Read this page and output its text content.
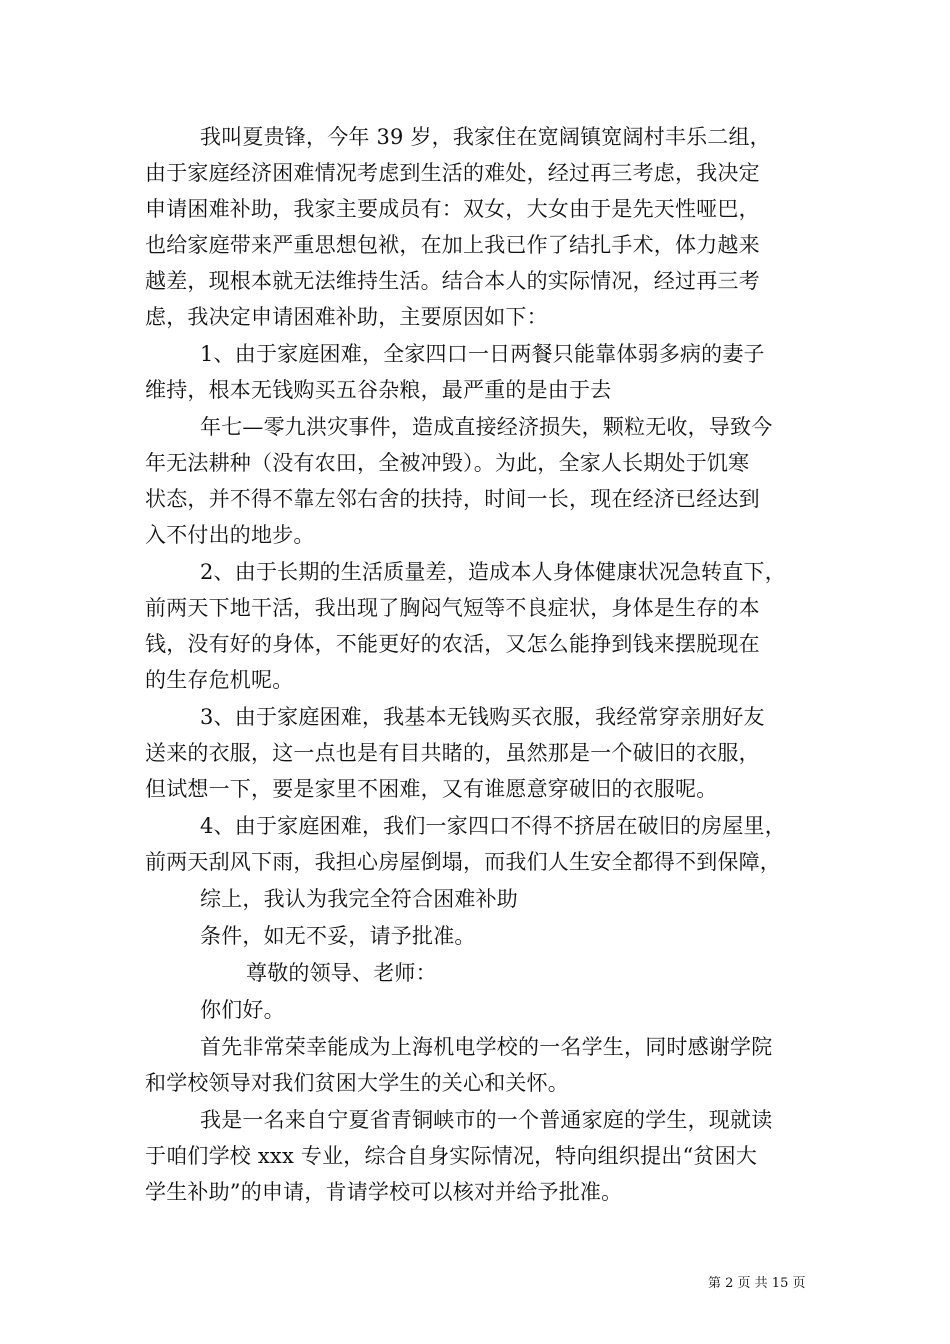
我叫夏贵锋，今年 39 岁，我家住在宽阔镇宽阔村丰乐二组，
由于家庭经济困难情况考虑到生活的难处，经过再三考虑，我决定
申请困难补助，我家主要成员有：双女，大女由于是先天性哑巴，
也给家庭带来严重思想包袱，在加上我已作了结扎手术，体力越来
越差，现根本就无法维持生活。结合本人的实际情况，经过再三考
虑，我决定申请困难补助，主要原因如下：
1、由于家庭困难，全家四口一日两餐只能靠体弱多病的妻子
维持，根本无钱购买五谷杂粮，最严重的是由于去
年七—零九洪灾事件，造成直接经济损失，颗粒无收，导致今
年无法耕种（没有农田，全被冲毁）。为此，全家人长期处于饥寒
状态，并不得不靠左邻右舍的扶持，时间一长，现在经济已经达到
入不付出的地步。
2、由于长期的生活质量差，造成本人身体健康状况急转直下，
前两天下地干活，我出现了胸闷气短等不良症状，身体是生存的本
钱，没有好的身体，不能更好的农活，又怎么能挣到钱来摆脱现在
的生存危机呢。
3、由于家庭困难，我基本无钱购买衣服，我经常穿亲朋好友
送来的衣服，这一点也是有目共睹的，虽然那是一个破旧的衣服，
但试想一下，要是家里不困难，又有谁愿意穿破旧的衣服呢。
4、由于家庭困难，我们一家四口不得不挤居在破旧的房屋里，
前两天刮风下雨，我担心房屋倒塌，而我们人生安全都得不到保障，
综上，我认为我完全符合困难补助
条件，如无不妥，请予批准。
尊敬的领导、老师：
你们好。
首先非常荣幸能成为上海机电学校的一名学生，同时感谢学院
和学校领导对我们贫困大学生的关心和关怀。
我是一名来自宁夏省青铜峡市的一个普通家庭的学生，现就读
于咱们学校 xxx 专业，综合自身实际情况，特向组织提出“贫困大
学生补助”的申请，肯请学校可以核对并给予批准。
第 2 页 共 15 页
